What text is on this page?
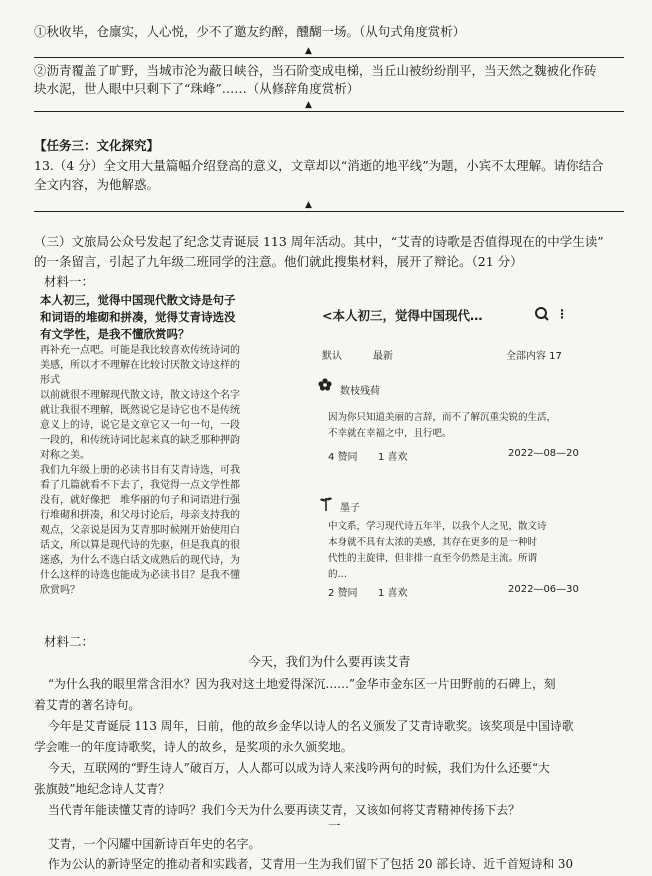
①秋收毕，仓廪实，人心悦，少不了邀友约醉，醺醐一场。（从句式角度赏析）
▲
②沥青覆盖了旷野，当城市沦为蔽日峡谷，当石阶变成电梯，当丘山被纷纷削平，当天然之魏被化作砖
块水泥，世人眼中只剩下了“珠峰”……（从修辞角度赏析）
▲
【任务三：文化探究】
13.（4 分）全文用大量篇幅介绍登高的意义，文章却以“消逝的地平线”为题，小宾不太理解。请你结合
全文内容，为他解惑。
▲
（三）文旅局公众号发起了纪念艾青诞辰 113 周年活动。其中，“艾青的诗歌是否值得现在的中学生读”
的一条留言，引起了九年级二班同学的注意。他们就此搜集材料，展开了辩论。（21 分）
材料一：
本人初三，觉得中国现代散文诗是句子
和词语的堆砌和拼凑，觉得艾青诗选没
有文学性，是我不懂欣赏吗？
再补充一点吧。可能是我比较喜欢传统诗词的
美感，所以才不理解在比较讨厌散文诗这样的
形式
以前就很不理解现代散文诗，散文诗这个名字
就让我很不理解，既然说它是诗它也不是传统
意义上的诗，说它是文章它又一句一句，一段
一段的，和传统诗词比起来真的缺乏那种押韵
对称之美。
我们九年级上册的必读书目有艾青诗选，可我
看了几篇就看不下去了，我觉得一点文学性都
没有，就好像把　堆华丽的句子和词语进行强
行堆砌和拼凑，和父母讨论后，母亲支持我的
观点，父亲说是因为艾青那时候刚开始使用白
话文，所以算是现代诗的先驱，但是我真的很
迷惑，为什么不选白话文成熟后的现代诗，为
什么这样的诗选也能成为必读书目？是我不懂
欣赏吗？
<本人初三，觉得中国现代…	⋮
默认	最新	全部内容 17
数枝残荷
因为你只知道美丽的言辞，而不了解沉重尖锐的生活，
不幸就在幸福之中，且行吧。
4 赞同 1 喜欢	2022—08—20
墨子
中文系，学习现代诗五年半，以我个人之见，散文诗
本身就不具有太浓的美感，其存在更多的是一种时
代性的主旋律，但非排一直至今仍然是主流。所谓
的…
2 赞同 1 喜欢	2022—06—30
材料二：
今天，我们为什么要再读艾青
“为什么我的眼里常含泪水？因为我对这土地爱得深沉……”金华市金东区一片田野前的石碑上，刻
着艾青的著名诗句。
今年是艾青诞辰 113 周年，日前，他的故乡金华以诗人的名义颁发了艾青诗歌奖。该奖项是中国诗歌
学会唯一的年度诗歌奖，诗人的故乡，是奖项的永久颁奖地。
今天，互联网的“野生诗人”破百万，人人都可以成为诗人来浅吟两句的时候，我们为什么还要“大
张旗鼓”地纪念诗人艾青？
当代青年能读懂艾青的诗吗？我们今天为什么要再读艾青，又该如何将艾青精神传扬下去？
一
艾青，一个闪耀中国新诗百年史的名字。
作为公认的新诗坚定的推动者和实践者，艾青用一生为我们留下了包括 20 部长诗、近千首短诗和 30
